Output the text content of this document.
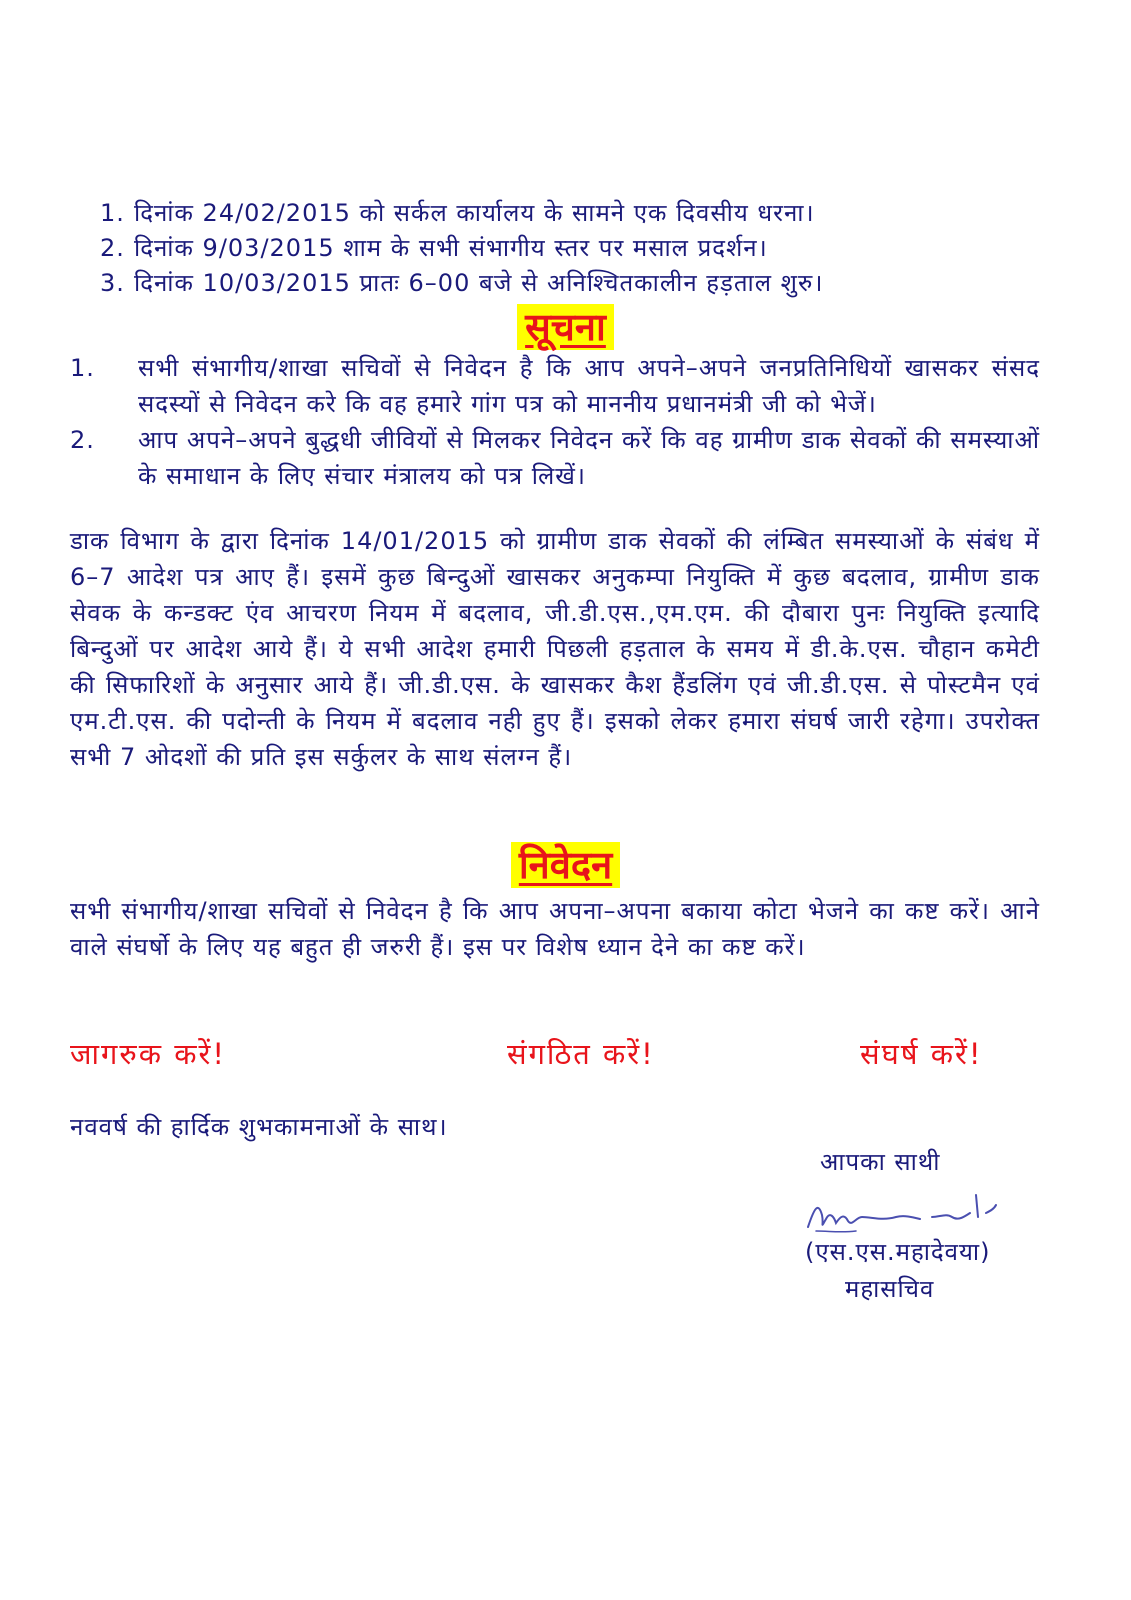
1. दिनांक 24/02/2015 को सर्कल कार्यालय के सामने एक दिवसीय धरना।
2. दिनांक 9/03/2015 शाम के सभी संभागीय स्तर पर मसाल प्रदर्शन।
3. दिनांक 10/03/2015 प्रातः 6–00 बजे से अनिश्चितकालीन हड़ताल शुरु।
सूचना
1.	सभी संभागीय/शाखा सचिवों से निवेदन है कि आप अपने–अपने जनप्रतिनिधियों खासकर संसद सदस्यों से निवेदन करे कि वह हमारे गांग पत्र को माननीय प्रधानमंत्री जी को भेजें।
2.	आप अपने–अपने बुद्धधी जीवियों से मिलकर निवेदन करें कि वह ग्रामीण डाक सेवकों की समस्याओं के समाधान के लिए संचार मंत्रालय को पत्र लिखें।
डाक विभाग के द्वारा दिनांक 14/01/2015 को ग्रामीण डाक सेवकों की लंम्बित समस्याओं के संबंध में 6–7 आदेश पत्र आए हैं। इसमें कुछ बिन्दुओं खासकर अनुकम्पा नियुक्ति में कुछ बदलाव, ग्रामीण डाक सेवक के कन्डक्ट एंव आचरण नियम में बदलाव, जी.डी.एस.,एम.एम. की दौबारा पुनः नियुक्ति इत्यादि बिन्दुओं पर आदेश आये हैं। ये सभी आदेश हमारी पिछली हड़ताल के समय में डी.के.एस. चौहान कमेटी की सिफारिशों के अनुसार आये हैं। जी.डी.एस. के खासकर कैश हैंडलिंग एवं जी.डी.एस. से पोस्टमैन एवं एम.टी.एस. की पदोन्ती के नियम में बदलाव नही हुए हैं। इसको लेकर हमारा संघर्ष जारी रहेगा। उपरोक्त सभी 7 ओदशों की प्रति इस सर्कुलर के साथ संलग्न हैं।
निवेदन
सभी संभागीय/शाखा सचिवों से निवेदन है कि आप अपना–अपना बकाया कोटा भेजने का कष्ट करें। आने वाले संघर्षो के लिए यह बहुत ही जरुरी हैं। इस पर विशेष ध्यान देने का कष्ट करें।
जागरुक करें!	संगठित करें!	संघर्ष करें!
नववर्ष की हार्दिक शुभकामनाओं के साथ।
आपका साथी
(एस.एस.महादेवया)
महासचिव
